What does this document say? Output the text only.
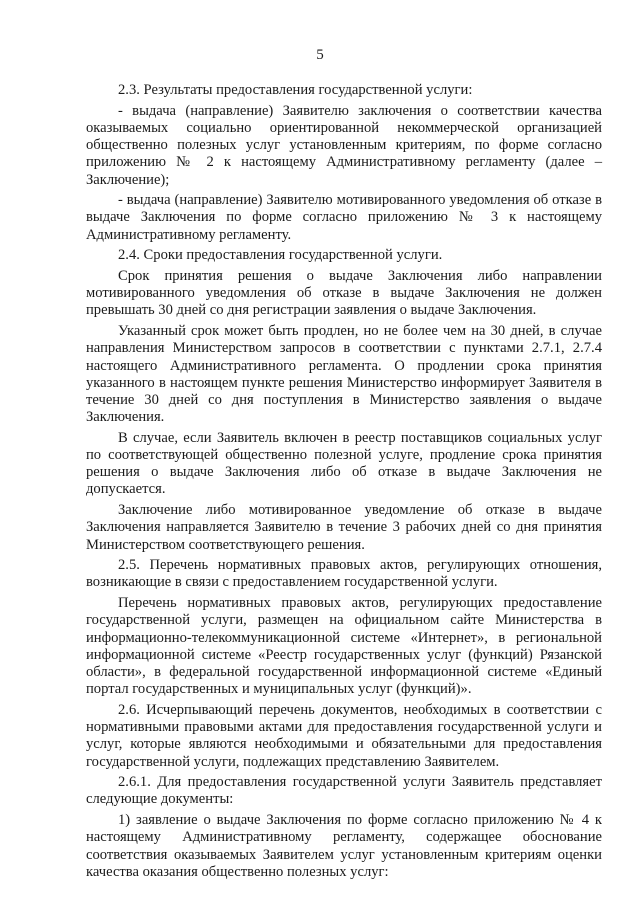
5

2.3. Результаты предоставления государственной услуги:

- выдача (направление) Заявителю заключения о соответствии качества оказываемых социально ориентированной некоммерческой организацией общественно полезных услуг установленным критериям, по форме согласно приложению № 2 к настоящему Административному регламенту (далее – Заключение);

- выдача (направление) Заявителю мотивированного уведомления об отказе в выдаче Заключения по форме согласно приложению № 3 к настоящему Административному регламенту.

2.4. Сроки предоставления государственной услуги.

Срок принятия решения о выдаче Заключения либо направлении мотивированного уведомления об отказе в выдаче Заключения не должен превышать 30 дней со дня регистрации заявления о выдаче Заключения.

Указанный срок может быть продлен, но не более чем на 30 дней, в случае направления Министерством запросов в соответствии с пунктами 2.7.1, 2.7.4 настоящего Административного регламента. О продлении срока принятия указанного в настоящем пункте решения Министерство информирует Заявителя в течение 30 дней со дня поступления в Министерство заявления о выдаче Заключения.

В случае, если Заявитель включен в реестр поставщиков социальных услуг по соответствующей общественно полезной услуге, продление срока принятия решения о выдаче Заключения либо об отказе в выдаче Заключения не допускается.

Заключение либо мотивированное уведомление об отказе в выдаче Заключения направляется Заявителю в течение 3 рабочих дней со дня принятия Министерством соответствующего решения.

2.5. Перечень нормативных правовых актов, регулирующих отношения, возникающие в связи с предоставлением государственной услуги.

Перечень нормативных правовых актов, регулирующих предоставление государственной услуги, размещен на официальном сайте Министерства в информационно-телекоммуникационной системе «Интернет», в региональной информационной системе «Реестр государственных услуг (функций) Рязанской области», в федеральной государственной информационной системе «Единый портал государственных и муниципальных услуг (функций)».

2.6. Исчерпывающий перечень документов, необходимых в соответствии с нормативными правовыми актами для предоставления государственной услуги и услуг, которые являются необходимыми и обязательными для предоставления государственной услуги, подлежащих представлению Заявителем.

2.6.1. Для предоставления государственной услуги Заявитель представляет следующие документы:

1) заявление о выдаче Заключения по форме согласно приложению № 4 к настоящему Административному регламенту, содержащее обоснование соответствия оказываемых Заявителем услуг установленным критериям оценки качества оказания общественно полезных услуг:
